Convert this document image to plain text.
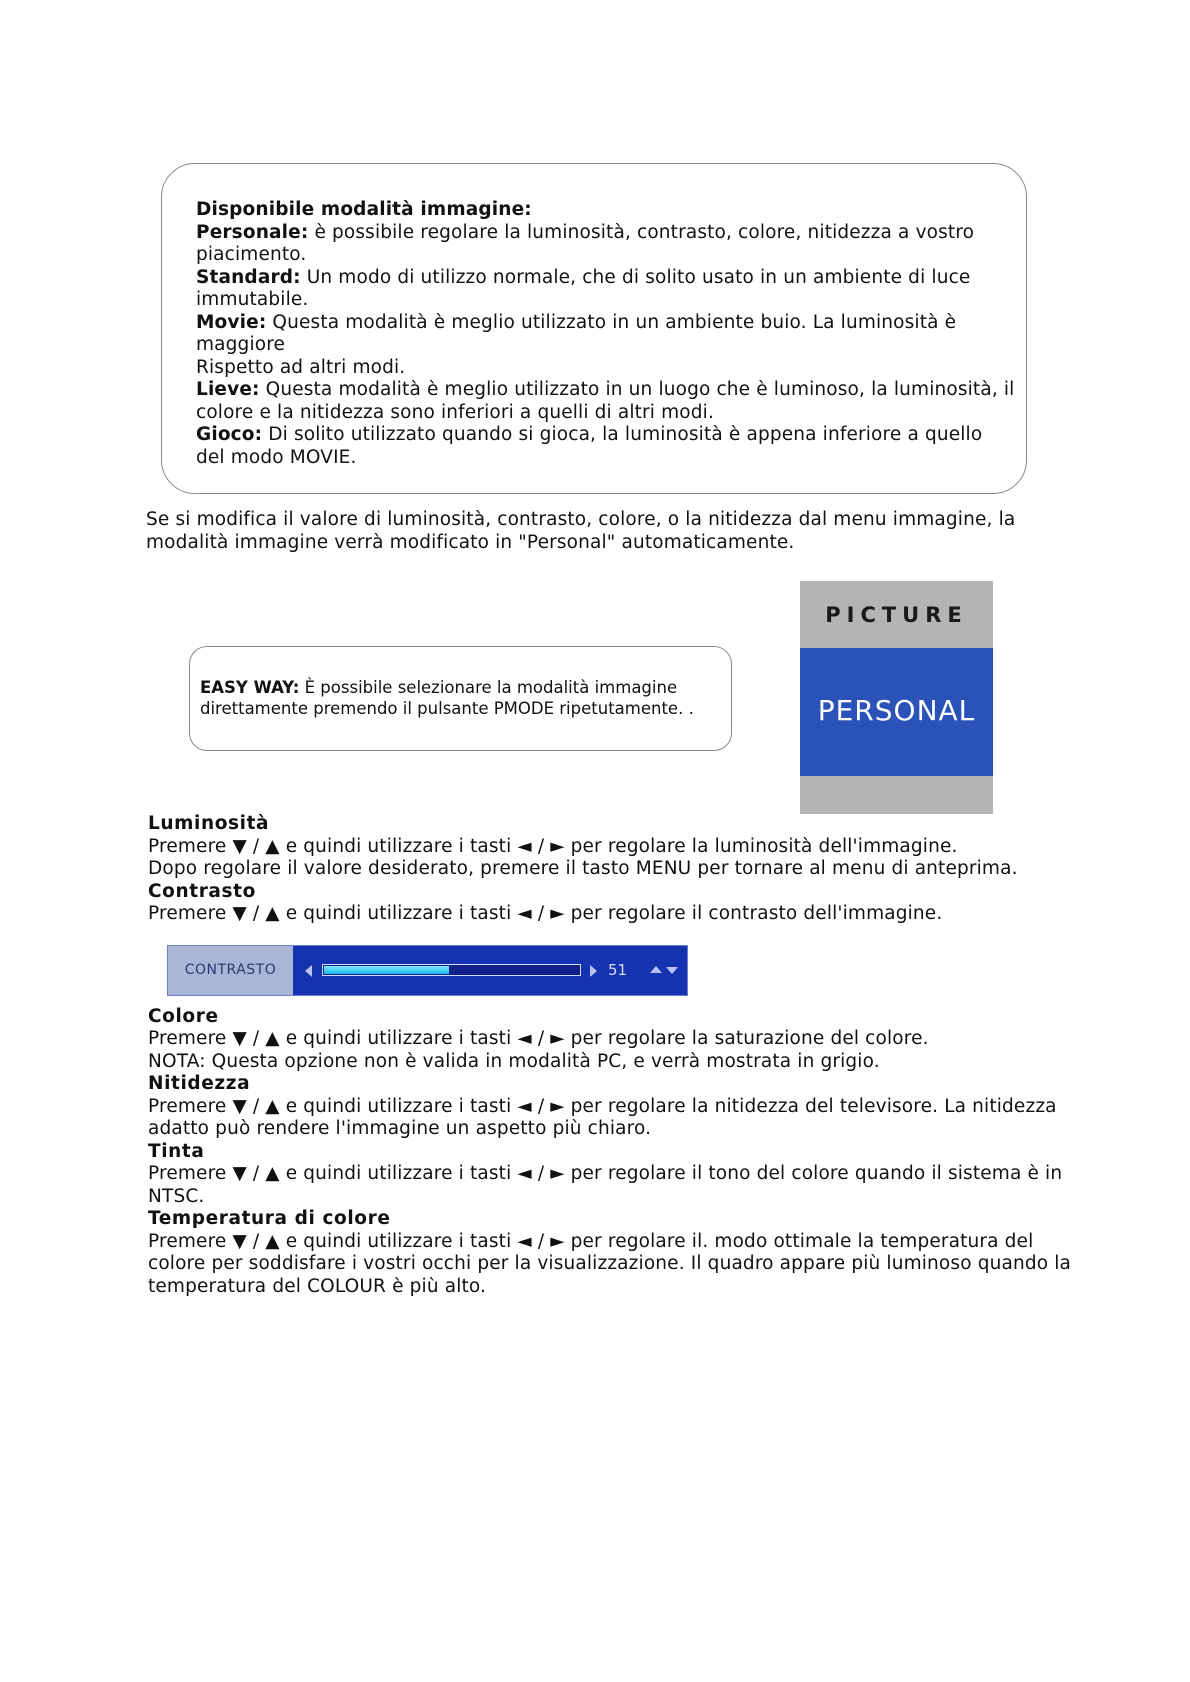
Disponibile modalità immagine:

Personale: è possibile regolare la luminosità, contrasto, colore, nitidezza a vostro piacimento.

Standard: Un modo di utilizzo normale, che di solito usato in un ambiente di luce immutabile.

Movie: Questa modalità è meglio utilizzato in un ambiente buio. La luminosità è maggiore

Rispetto ad altri modi.

Lieve: Questa modalità è meglio utilizzato in un luogo che è luminoso, la luminosità, il colore e la nitidezza sono inferiori a quelli di altri modi.

Gioco: Di solito utilizzato quando si gioca, la luminosità è appena inferiore a quello del modo MOVIE.

Se si modifica il valore di luminosità, contrasto, colore, o la nitidezza dal menu immagine, la modalità immagine verrà modificato in "Personal" automaticamente.

EASY WAY: È possibile selezionare la modalità immagine direttamente premendo il pulsante PMODE ripetutamente. .

PICTURE
PERSONAL

Luminosità

Premere ▼ / ▲ e quindi utilizzare i tasti ◄ / ► per regolare la luminosità dell'immagine.

Dopo regolare il valore desiderato, premere il tasto MENU per tornare al menu di anteprima.

Contrasto

Premere ▼ / ▲ e quindi utilizzare i tasti ◄ / ► per regolare il contrasto dell'immagine.

Colore

Premere ▼ / ▲ e quindi utilizzare i tasti ◄ / ► per regolare la saturazione del colore.

NOTA: Questa opzione non è valida in modalità PC, e verrà mostrata in grigio.

Nitidezza

Premere ▼ / ▲ e quindi utilizzare i tasti ◄ / ► per regolare la nitidezza del televisore. La nitidezza adatto può rendere l'immagine un aspetto più chiaro.

Tinta

Premere ▼ / ▲ e quindi utilizzare i tasti ◄ / ► per regolare il tono del colore quando il sistema è in NTSC.

Temperatura di colore

Premere ▼ / ▲ e quindi utilizzare i tasti ◄ / ► per regolare il. modo ottimale la temperatura del colore per soddisfare i vostri occhi per la visualizzazione. Il quadro appare più luminoso quando la temperatura del COLOUR è più alto.

CONTRASTO	51
